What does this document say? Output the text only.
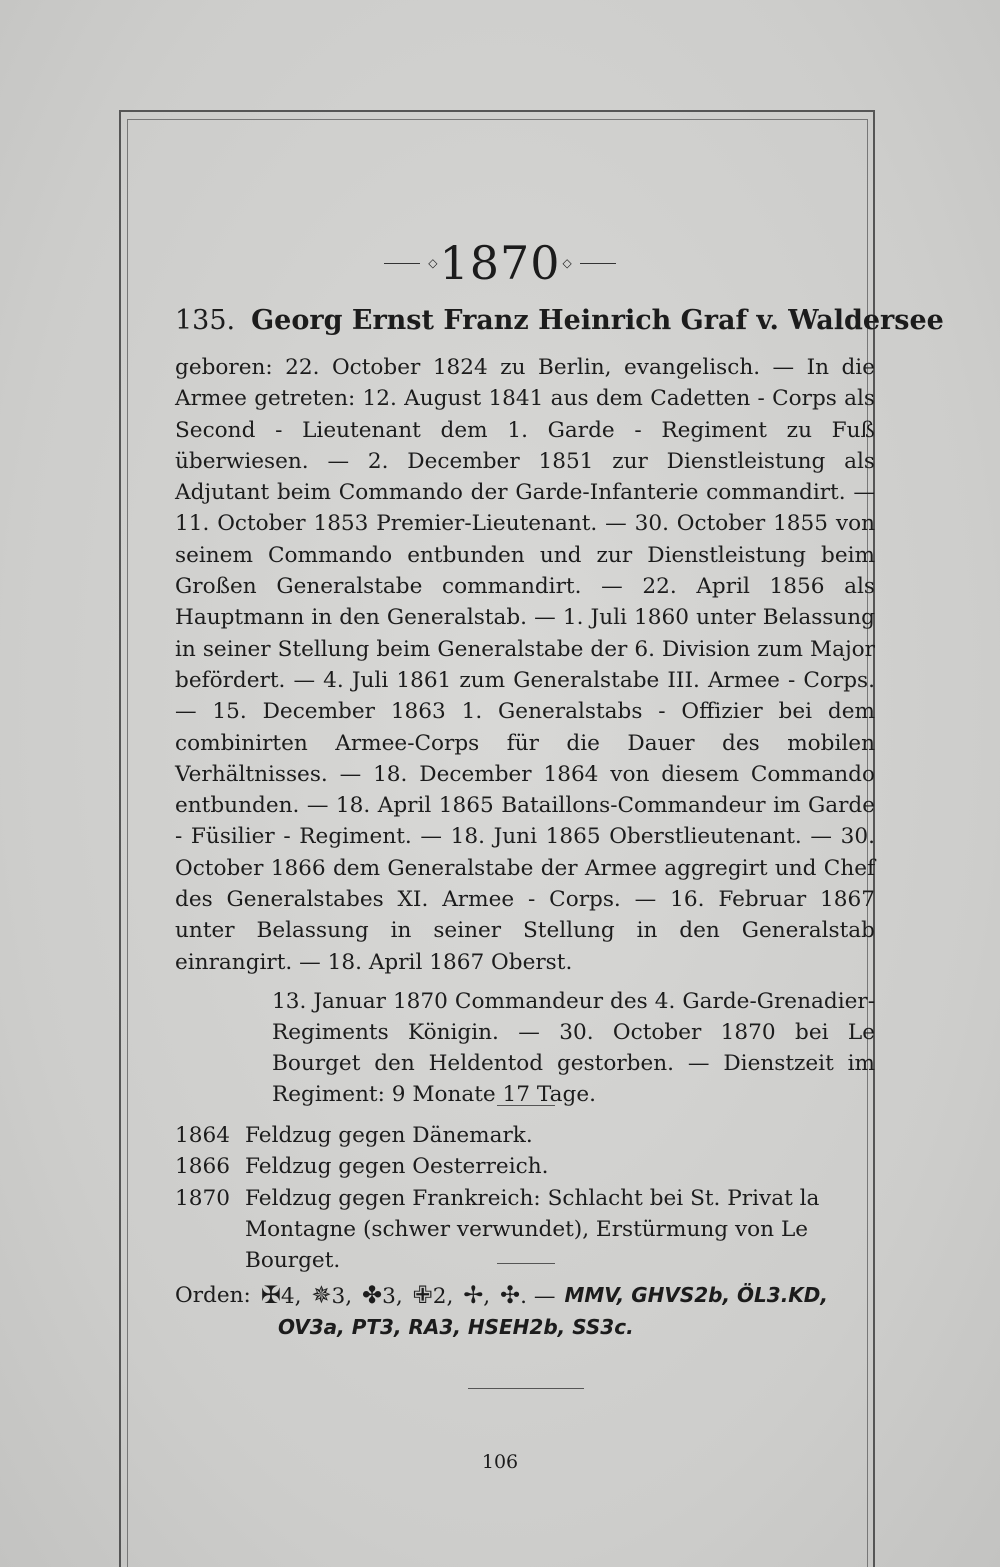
◇ 1870 ◇
135. Georg Ernst Franz Heinrich Graf v. Waldersee

geboren: 22. October 1824 zu Berlin, evangelisch. — In die Armee getreten: 12. August 1841 aus dem Cadetten - Corps als Second - Lieutenant dem 1. Garde - Regiment zu Fuß überwiesen. — 2. December 1851 zur Dienstleistung als Adjutant beim Commando der Garde-Infanterie commandirt. — 11. October 1853 Premier-Lieutenant. — 30. October 1855 von seinem Commando entbunden und zur Dienstleistung beim Großen Generalstabe commandirt. — 22. April 1856 als Hauptmann in den Generalstab. — 1. Juli 1860 unter Belassung in seiner Stellung beim Generalstabe der 6. Division zum Major befördert. — 4. Juli 1861 zum Generalstabe III. Armee - Corps. — 15. December 1863 1. Generalstabs - Offizier bei dem combinirten Armee-Corps für die Dauer des mobilen Verhältnisses. — 18. December 1864 von diesem Commando entbunden. — 18. April 1865 Bataillons-Commandeur im Garde - Füsilier - Regiment. — 18. Juni 1865 Oberstlieutenant. — 30. October 1866 dem Generalstabe der Armee aggregirt und Chef des Generalstabes XI. Armee - Corps. — 16. Februar 1867 unter Belassung in seiner Stellung in den Generalstab einrangirt. — 18. April 1867 Oberst.

13. Januar 1870 Commandeur des 4. Garde-Grenadier-Regiments Königin. — 30. October 1870 bei Le Bourget den Heldentod gestorben. — Dienstzeit im Regiment: 9 Monate 17 Tage.

1864 Feldzug gegen Dänemark.
1866 Feldzug gegen Oesterreich.
1870 Feldzug gegen Frankreich: Schlacht bei St. Privat la Montagne (schwer verwundet), Erstürmung von Le Bourget.
Orden: ✠4, ✵3, ✤3, ✙2, ✢, ✣. — MMV, GHVS2b, ÖL3.KD,
OV3a, PT3, RA3, HSEH2b, SS3c.
106
